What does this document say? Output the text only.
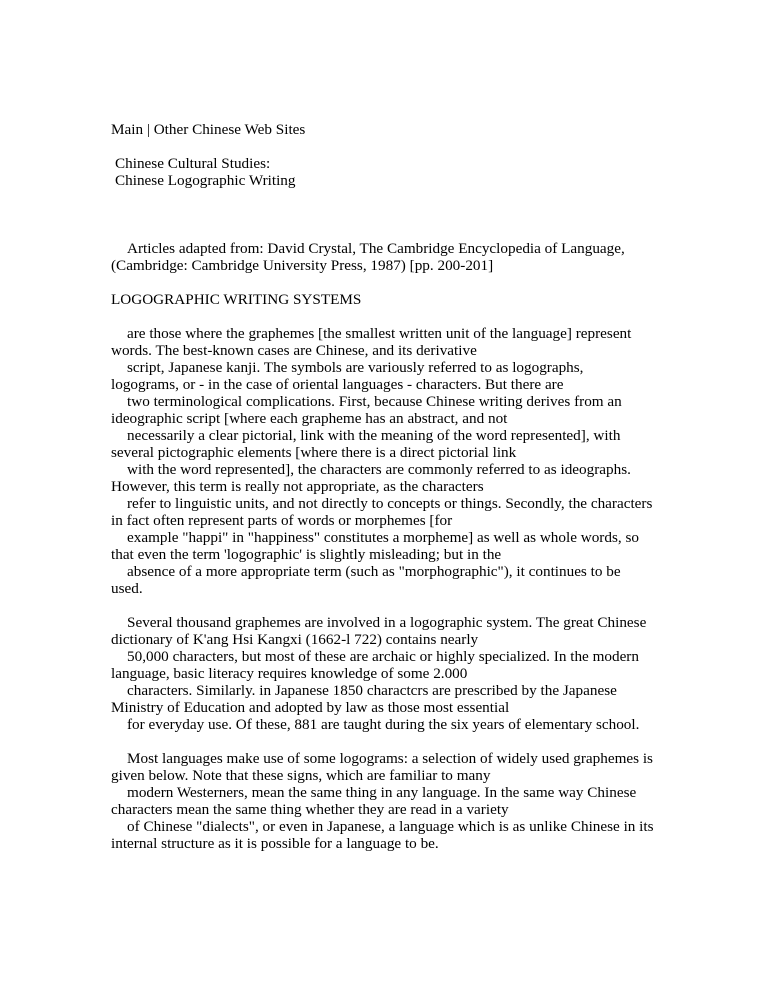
Main | Other Chinese Web Sites
Chinese Cultural Studies:
Chinese Logographic Writing
Articles adapted from: David Crystal, The Cambridge Encyclopedia of Language,
(Cambridge: Cambridge University Press, 1987) [pp. 200-201]
LOGOGRAPHIC WRITING SYSTEMS
are those where the graphemes [the smallest written unit of the language] represent
words. The best-known cases are Chinese, and its derivative
script, Japanese kanji. The symbols are variously referred to as logographs,
logograms, or - in the case of oriental languages - characters. But there are
two terminological complications. First, because Chinese writing derives from an
ideographic script [where each grapheme has an abstract, and not
necessarily a clear pictorial, link with the meaning of the word represented], with
several pictographic elements [where there is a direct pictorial link
with the word represented], the characters are commonly referred to as ideographs.
However, this term is really not appropriate, as the characters
refer to linguistic units, and not directly to concepts or things. Secondly, the characters
in fact often represent parts of words or morphemes [for
example "happi" in "happiness" constitutes a morpheme] as well as whole words, so
that even the term 'logographic' is slightly misleading; but in the
absence of a more appropriate term (such as "morphographic"), it continues to be
used.
Several thousand graphemes are involved in a logographic system. The great Chinese
dictionary of K'ang Hsi Kangxi (1662-l 722) contains nearly
50,000 characters, but most of these are archaic or highly specialized. In the modern
language, basic literacy requires knowledge of some 2.000
characters. Similarly. in Japanese 1850 charactcrs are prescribed by the Japanese
Ministry of Education and adopted by law as those most essential
for everyday use. Of these, 881 are taught during the six years of elementary school.
Most languages make use of some logograms: a selection of widely used graphemes is
given below. Note that these signs, which are familiar to many
modern Westerners, mean the same thing in any language. In the same way Chinese
characters mean the same thing whether they are read in a variety
of Chinese "dialects", or even in Japanese, a language which is as unlike Chinese in its
internal structure as it is possible for a language to be.
